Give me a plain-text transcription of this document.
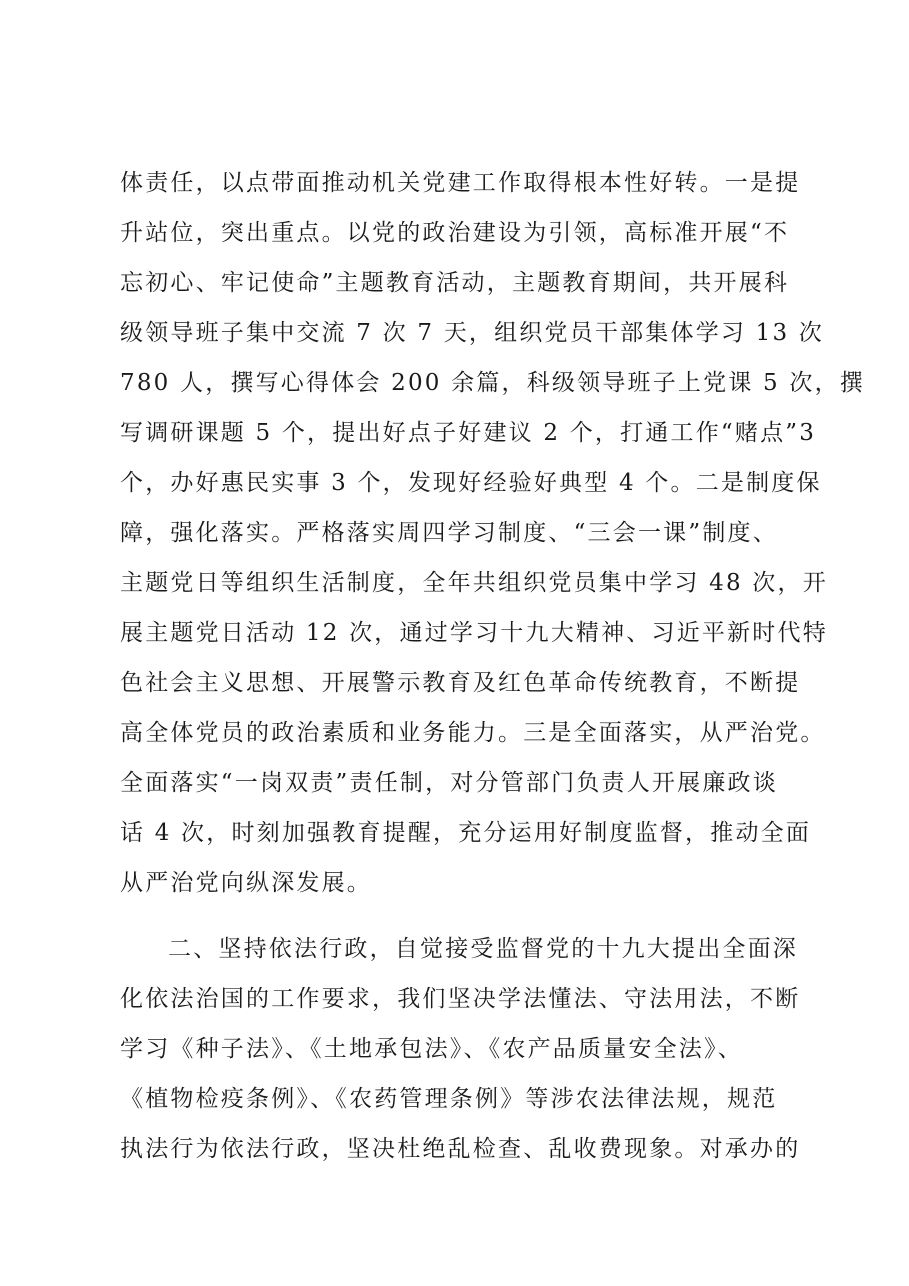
体责任，以点带面推动机关党建工作取得根本性好转。一是提
升站位，突出重点。以党的政治建设为引领，高标准开展“不
忘初心、牢记使命”主题教育活动，主题教育期间，共开展科
级领导班子集中交流 7 次 7 天，组织党员干部集体学习 13 次
780 人，撰写心得体会 200 余篇，科级领导班子上党课 5 次，撰
写调研课题 5 个，提出好点子好建议 2 个，打通工作“赌点”3
个，办好惠民实事 3 个，发现好经验好典型 4 个。二是制度保
障，强化落实。严格落实周四学习制度、“三会一课”制度、
主题党日等组织生活制度，全年共组织党员集中学习 48 次，开
展主题党日活动 12 次，通过学习十九大精神、习近平新时代特
色社会主义思想、开展警示教育及红色革命传统教育，不断提
高全体党员的政治素质和业务能力。三是全面落实，从严治党。
全面落实“一岗双责”责任制，对分管部门负责人开展廉政谈
话 4 次，时刻加强教育提醒，充分运用好制度监督，推动全面
从严治党向纵深发展。
二、坚持依法行政，自觉接受监督党的十九大提出全面深
化依法治国的工作要求，我们坚决学法懂法、守法用法，不断
学习《种子法》、《土地承包法》、《农产品质量安全法》、
《植物检疫条例》、《农药管理条例》等涉农法律法规，规范
执法行为依法行政，坚决杜绝乱检查、乱收费现象。对承办的
